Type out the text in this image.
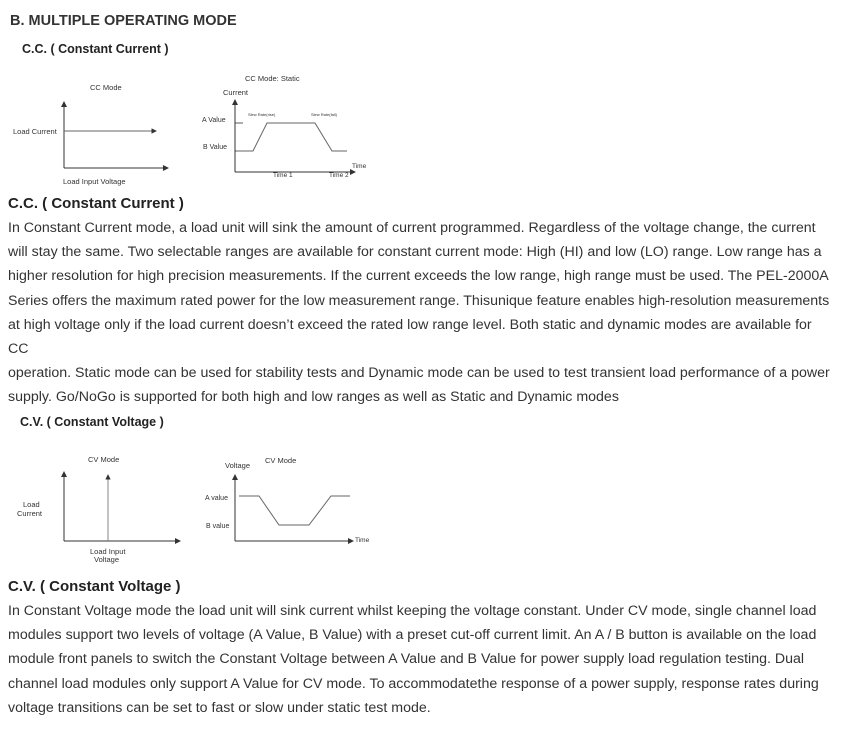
B. MULTIPLE OPERATING MODE
C.C. ( Constant Current )
CC Mode
Load Current
Load Input Voltage
CC Mode: Static
Current
A Value
B Value
Slew Rate(rise)	Slew Rate(fall)
Time 1	Time 2
Time
C.C. ( Constant Current )
In Constant Current mode, a load unit will sink the amount of current programmed. Regardless of the voltage change, the current
will stay the same. Two selectable ranges are available for constant current mode: High (HI) and low (LO) range. Low range has a
higher resolution for high precision measurements. If the current exceeds the low range, high range must be used. The PEL-2000A
Series offers the maximum rated power for the low measurement range. Thisunique feature enables high-resolution measurements
at high voltage only if the load current doesn’t exceed the rated low range level. Both static and dynamic modes are available for CC
operation. Static mode can be used for stability tests and Dynamic mode can be used to test transient load performance of a power
supply. Go/NoGo is supported for both high and low ranges as well as Static and Dynamic modes
C.V. ( Constant Voltage )
CV Mode
Load
Current
Load Input
Voltage
CV Mode
Voltage
A value
B value
Time
C.V. ( Constant Voltage )
In Constant Voltage mode the load unit will sink current whilst keeping the voltage constant. Under CV mode, single channel load
modules support two levels of voltage (A Value, B Value) with a preset cut-off current limit. An A / B button is available on the load
module front panels to switch the Constant Voltage between A Value and B Value for power supply load regulation testing. Dual
channel load modules only support A Value for CV mode. To accommodatethe response of a power supply, response rates during
voltage transitions can be set to fast or slow under static test mode.
